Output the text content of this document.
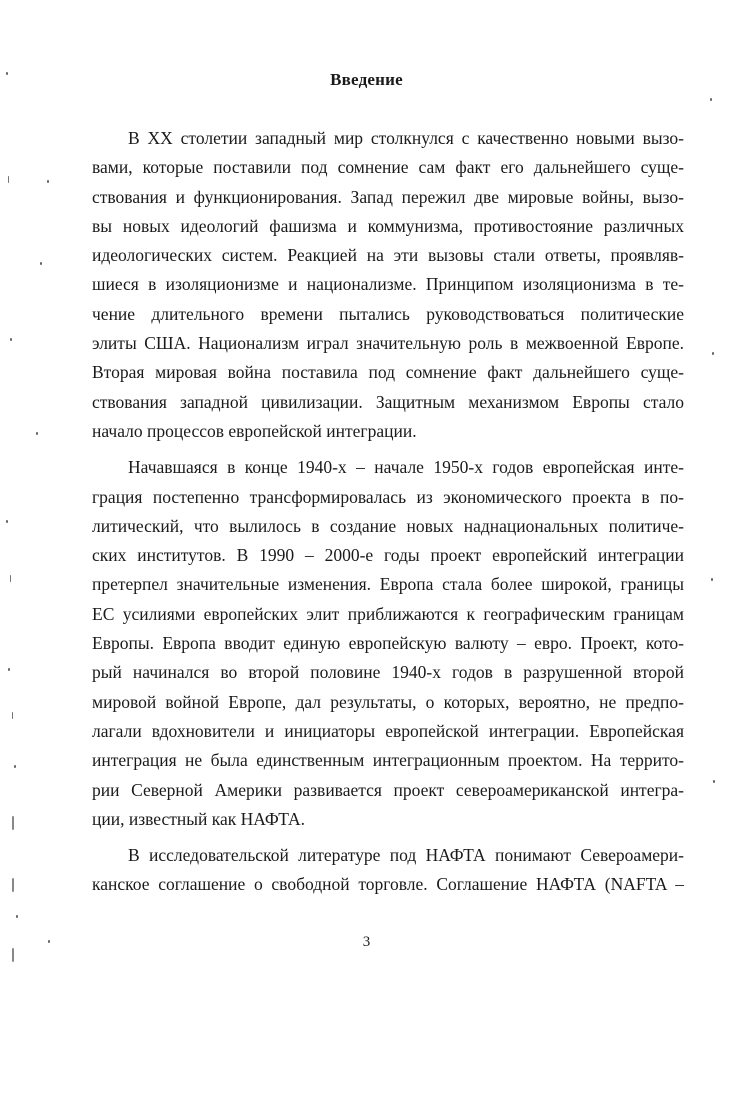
Введение
В XX столетии западный мир столкнулся с качественно новыми вызо-
вами, которые поставили под сомнение сам факт его дальнейшего суще-
ствования и функционирования. Запад пережил две мировые войны, вызо-
вы новых идеологий фашизма и коммунизма, противостояние различных
идеологических систем. Реакцией на эти вызовы стали ответы, проявляв-
шиеся в изоляционизме и национализме. Принципом изоляционизма в те-
чение длительного времени пытались руководствоваться политические
элиты США. Национализм играл значительную роль в межвоенной Европе.
Вторая мировая война поставила под сомнение факт дальнейшего суще-
ствования западной цивилизации. Защитным механизмом Европы стало
начало процессов европейской интеграции.
Начавшаяся в конце 1940-х – начале 1950-х годов европейская инте-
грация постепенно трансформировалась из экономического проекта в по-
литический, что вылилось в создание новых наднациональных политиче-
ских институтов. В 1990 – 2000-е годы проект европейский интеграции
претерпел значительные изменения. Европа стала более широкой, границы
ЕС усилиями европейских элит приближаются к географическим границам
Европы. Европа вводит единую европейскую валюту – евро. Проект, кото-
рый начинался во второй половине 1940-х годов в разрушенной второй
мировой войной Европе, дал результаты, о которых, вероятно, не предпо-
лагали вдохновители и инициаторы европейской интеграции. Европейская
интеграция не была единственным интеграционным проектом. На террито-
рии Северной Америки развивается проект североамериканской интегра-
ции, известный как НАФТА.
В исследовательской литературе под НАФТА понимают Североамери-
канское соглашение о свободной торговле. Соглашение НАФТА (NAFTA –
3
